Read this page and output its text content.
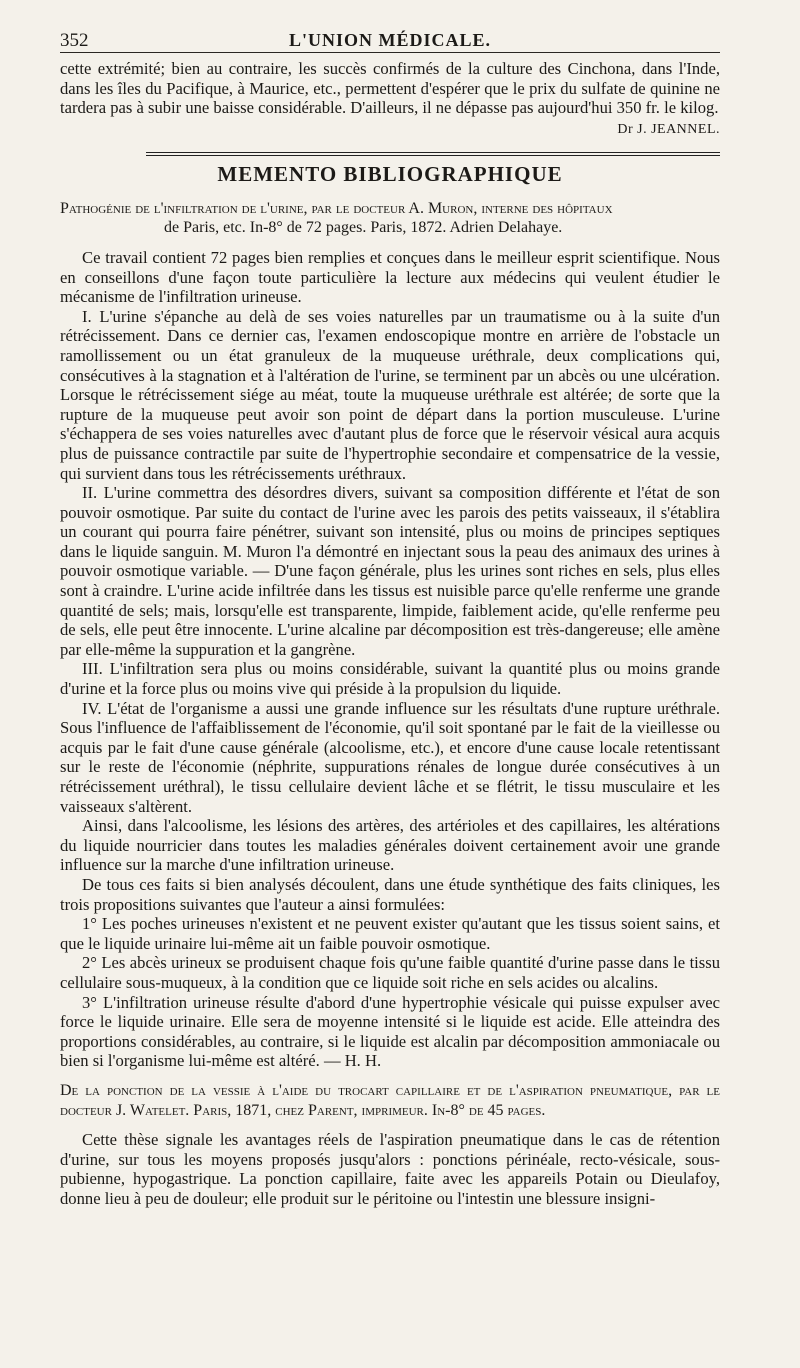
352	L'UNION MÉDICALE.

cette extrémité; bien au contraire, les succès confirmés de la culture des Cinchona, dans l'Inde, dans les îles du Pacifique, à Maurice, etc., permettent d'espérer que le prix du sulfate de quinine ne tardera pas à subir une baisse considérable. D'ailleurs, il ne dépasse pas aujourd'hui 350 fr. le kilog.

Dr J. JEANNEL.
MEMENTO BIBLIOGRAPHIQUE

Pathogénie de l'infiltration de l'urine, par le docteur A. Muron, interne des hôpitaux
de Paris, etc. In-8° de 72 pages. Paris, 1872. Adrien Delahaye.

Ce travail contient 72 pages bien remplies et conçues dans le meilleur esprit scientifique. Nous en conseillons d'une façon toute particulière la lecture aux médecins qui veulent étudier le mécanisme de l'infiltration urineuse.

I. L'urine s'épanche au delà de ses voies naturelles par un traumatisme ou à la suite d'un rétrécissement. Dans ce dernier cas, l'examen endoscopique montre en arrière de l'obstacle un ramollissement ou un état granuleux de la muqueuse uréthrale, deux complications qui, consécutives à la stagnation et à l'altération de l'urine, se terminent par un abcès ou une ulcération. Lorsque le rétrécissement siége au méat, toute la muqueuse uréthrale est altérée; de sorte que la rupture de la muqueuse peut avoir son point de départ dans la portion musculeuse. L'urine s'échappera de ses voies naturelles avec d'autant plus de force que le réservoir vésical aura acquis plus de puissance contractile par suite de l'hypertrophie secondaire et compensatrice de la vessie, qui survient dans tous les rétrécissements uréthraux.

II. L'urine commettra des désordres divers, suivant sa composition différente et l'état de son pouvoir osmotique. Par suite du contact de l'urine avec les parois des petits vaisseaux, il s'établira un courant qui pourra faire pénétrer, suivant son intensité, plus ou moins de principes septiques dans le liquide sanguin. M. Muron l'a démontré en injectant sous la peau des animaux des urines à pouvoir osmotique variable. — D'une façon générale, plus les urines sont riches en sels, plus elles sont à craindre. L'urine acide infiltrée dans les tissus est nuisible parce qu'elle renferme une grande quantité de sels; mais, lorsqu'elle est transparente, limpide, faiblement acide, qu'elle renferme peu de sels, elle peut être innocente. L'urine alcaline par décomposition est très-dangereuse; elle amène par elle-même la suppuration et la gangrène.

III. L'infiltration sera plus ou moins considérable, suivant la quantité plus ou moins grande d'urine et la force plus ou moins vive qui préside à la propulsion du liquide.

IV. L'état de l'organisme a aussi une grande influence sur les résultats d'une rupture uréthrale. Sous l'influence de l'affaiblissement de l'économie, qu'il soit spontané par le fait de la vieillesse ou acquis par le fait d'une cause générale (alcoolisme, etc.), et encore d'une cause locale retentissant sur le reste de l'économie (néphrite, suppurations rénales de longue durée consécutives à un rétrécissement uréthral), le tissu cellulaire devient lâche et se flétrit, le tissu musculaire et les vaisseaux s'altèrent.

Ainsi, dans l'alcoolisme, les lésions des artères, des artérioles et des capillaires, les altérations du liquide nourricier dans toutes les maladies générales doivent certainement avoir une grande influence sur la marche d'une infiltration urineuse.

De tous ces faits si bien analysés découlent, dans une étude synthétique des faits cliniques, les trois propositions suivantes que l'auteur a ainsi formulées:

1° Les poches urineuses n'existent et ne peuvent exister qu'autant que les tissus soient sains, et que le liquide urinaire lui-même ait un faible pouvoir osmotique.

2° Les abcès urineux se produisent chaque fois qu'une faible quantité d'urine passe dans le tissu cellulaire sous-muqueux, à la condition que ce liquide soit riche en sels acides ou alcalins.

3° L'infiltration urineuse résulte d'abord d'une hypertrophie vésicale qui puisse expulser avec force le liquide urinaire. Elle sera de moyenne intensité si le liquide est acide. Elle atteindra des proportions considérables, au contraire, si le liquide est alcalin par décomposition ammoniacale ou bien si l'organisme lui-même est altéré. — H. H.

De la ponction de la vessie à l'aide du trocart capillaire et de l'aspiration pneumatique, par le docteur J. Watelet. Paris, 1871, chez Parent, imprimeur. In-8° de 45 pages.

Cette thèse signale les avantages réels de l'aspiration pneumatique dans le cas de rétention d'urine, sur tous les moyens proposés jusqu'alors : ponctions périnéale, recto-vésicale, sous-pubienne, hypogastrique. La ponction capillaire, faite avec les appareils Potain ou Dieulafoy, donne lieu à peu de douleur; elle produit sur le péritoine ou l'intestin une blessure insigni-
